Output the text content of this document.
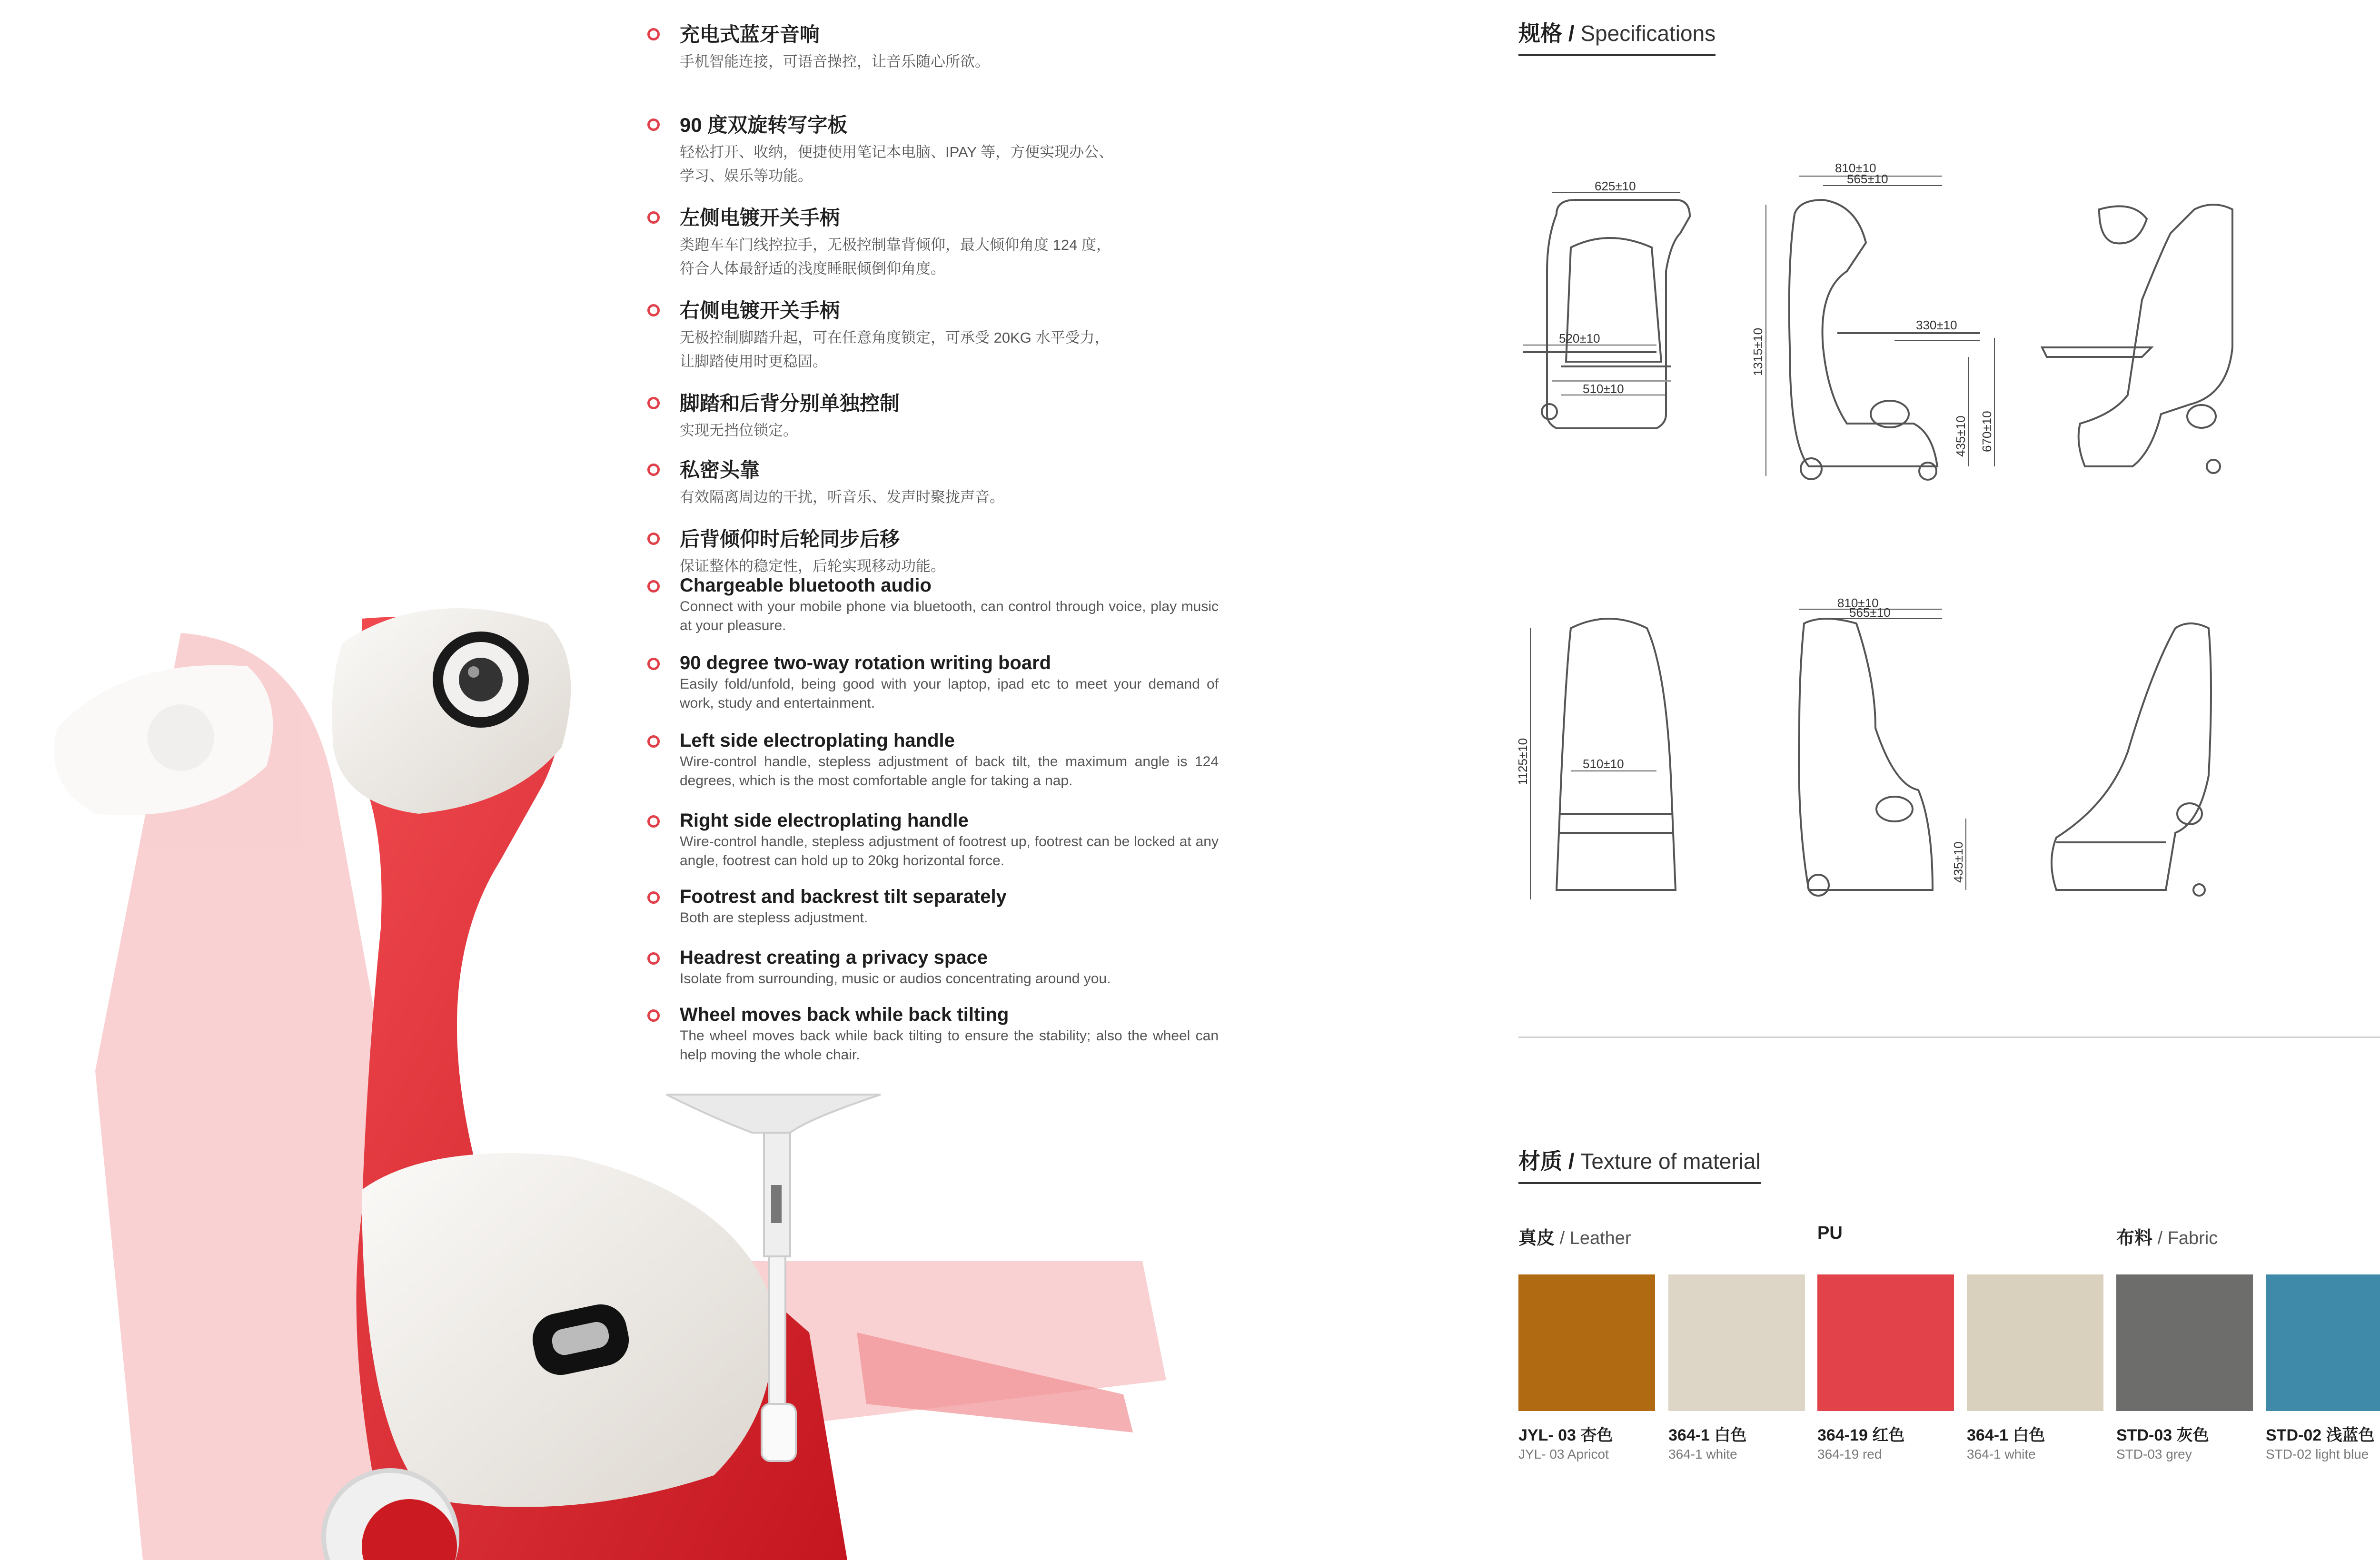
充电式蓝牙音响
手机智能连接，可语音操控，让音乐随心所欲。
90 度双旋转写字板
轻松打开、收纳，便捷使用笔记本电脑、IPAY 等，方便实现办公、
学习、娱乐等功能。
左侧电镀开关手柄
类跑车车门线控拉手，无极控制靠背倾仰，最大倾仰角度 124 度，
符合人体最舒适的浅度睡眠倾倒仰角度。
右侧电镀开关手柄
无极控制脚踏升起，可在任意角度锁定，可承受 20KG 水平受力，
让脚踏使用时更稳固。
脚踏和后背分别单独控制
实现无挡位锁定。
私密头靠
有效隔离周边的干扰，听音乐、发声时聚拢声音。
后背倾仰时后轮同步后移
保证整体的稳定性，后轮实现移动功能。
Chargeable bluetooth audio
Connect with your mobile phone via bluetooth, can control through voice, play music at your pleasure.
90 degree two-way rotation writing board
Easily fold/unfold, being good with your laptop, ipad etc to meet your demand of work, study and entertainment.
Left side electroplating handle
Wire-control handle, stepless adjustment of back tilt, the maximum angle is 124 degrees, which is the most comfortable angle for taking a nap.
Right side electroplating handle
Wire-control handle, stepless adjustment of footrest up, footrest can be locked at any angle, footrest can hold up to 20kg horizontal force.
Footrest and backrest tilt separately
Both are stepless adjustment.
Headrest creating a privacy space
Isolate from surrounding, music or audios concentrating around you.
Wheel moves back while back tilting
The wheel moves back while back tilting to ensure the stability; also the wheel can help moving the whole chair.
规格 / Specifications
625±10
520±10
510±10
810±10
565±10
330±10
1315±10
435±10 670±10
1125±10	510±10
810±10
565±10
435±10
材质 / Texture of material
真皮 / Leather	PU	布料 / Fabric
JYL- 03 杏色	364-1 白色	364-19 红色	364-1 白色	STD-03 灰色	STD-02 浅蓝色
JYL- 03 Apricot	364-1 white	364-19 red	364-1 white	STD-03 grey	STD-02 light blue
